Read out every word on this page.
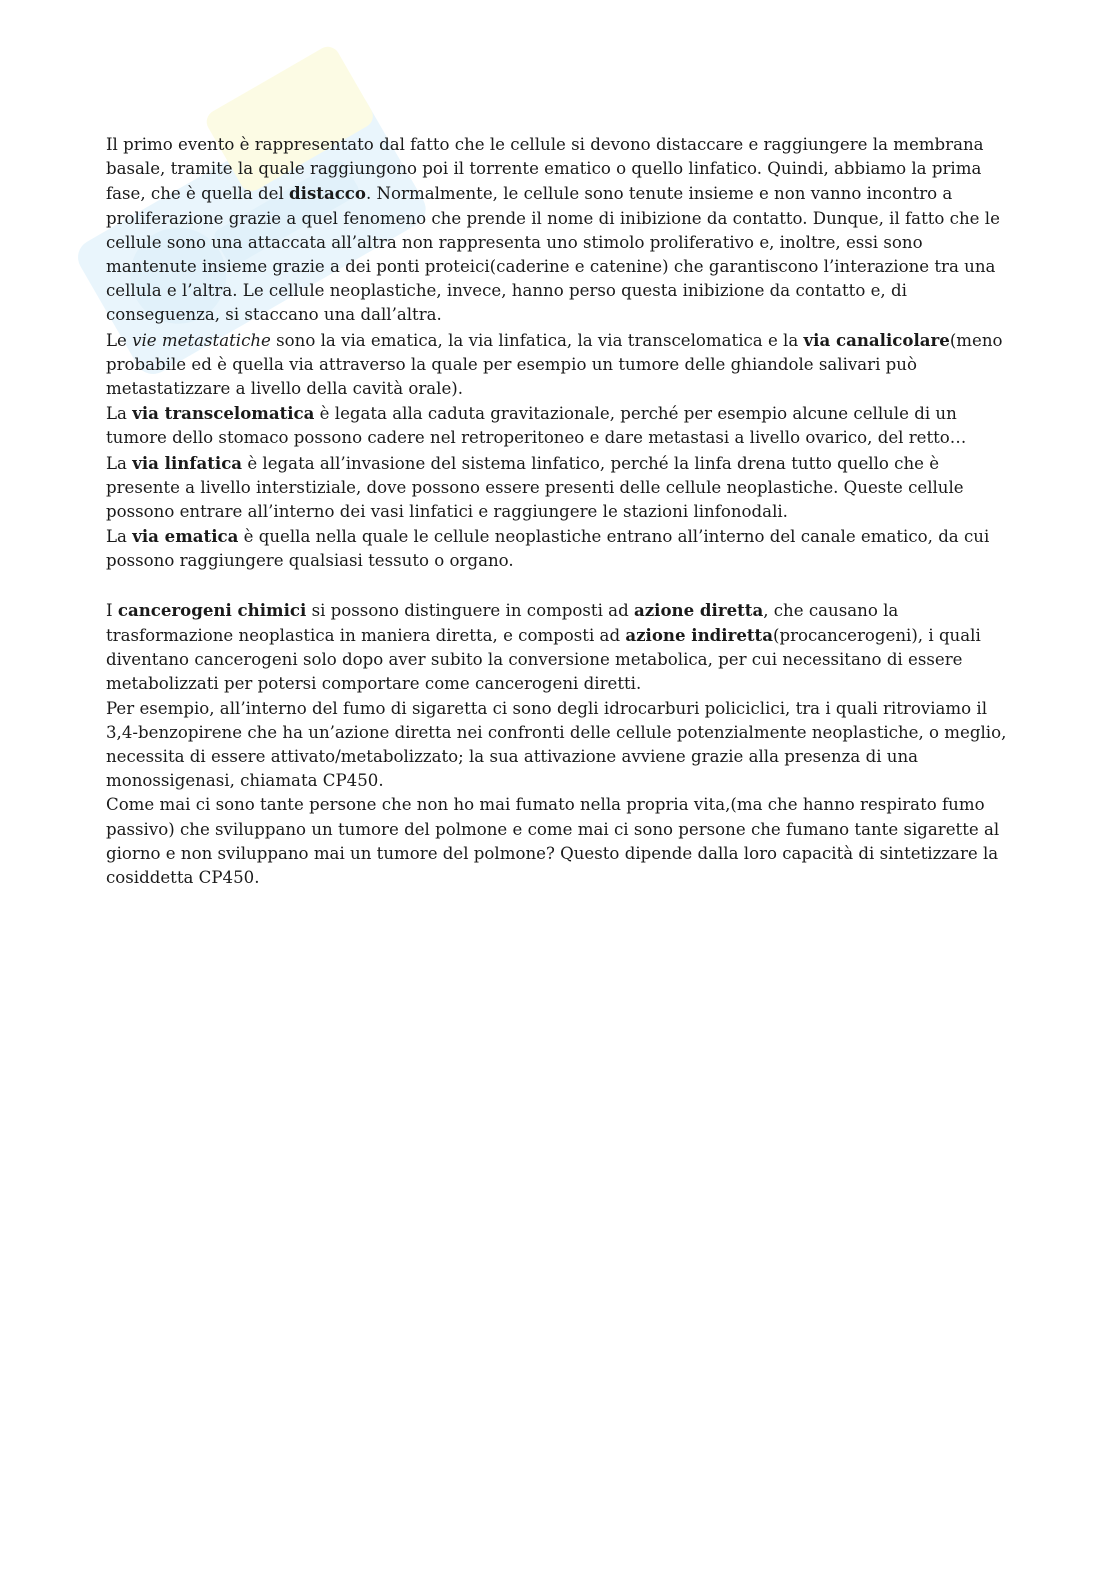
Il primo evento è rappresentato dal fatto che le cellule si devono distaccare e raggiungere la membrana basale, tramite la quale raggiungono poi il torrente ematico o quello linfatico. Quindi, abbiamo la prima fase, che è quella del distacco. Normalmente, le cellule sono tenute insieme e non vanno incontro a proliferazione grazie a quel fenomeno che prende il nome di inibizione da contatto. Dunque, il fatto che le cellule sono una attaccata all’altra non rappresenta uno stimolo proliferativo e, inoltre, essi sono mantenute insieme grazie a dei ponti proteici(caderine e catenine) che garantiscono l’interazione tra una cellula e l’altra. Le cellule neoplastiche, invece, hanno perso questa inibizione da contatto e, di conseguenza, si staccano una dall’altra.

Le vie metastatiche sono la via ematica, la via linfatica, la via transcelomatica e la via canalicolare(meno probabile ed è quella via attraverso la quale per esempio un tumore delle ghiandole salivari può metastatizzare a livello della cavità orale).

La via transcelomatica è legata alla caduta gravitazionale, perché per esempio alcune cellule di un tumore dello stomaco possono cadere nel retroperitoneo e dare metastasi a livello ovarico, del retto…

La via linfatica è legata all’invasione del sistema linfatico, perché la linfa drena tutto quello che è presente a livello interstiziale, dove possono essere presenti delle cellule neoplastiche. Queste cellule possono entrare all’interno dei vasi linfatici e raggiungere le stazioni linfonodali.

La via ematica è quella nella quale le cellule neoplastiche entrano all’interno del canale ematico, da cui possono raggiungere qualsiasi tessuto o organo.

I cancerogeni chimici si possono distinguere in composti ad azione diretta, che causano la trasformazione neoplastica in maniera diretta, e composti ad azione indiretta(procancerogeni), i quali diventano cancerogeni solo dopo aver subito la conversione metabolica, per cui necessitano di essere metabolizzati per potersi comportare come cancerogeni diretti.

Per esempio, all’interno del fumo di sigaretta ci sono degli idrocarburi policiclici, tra i quali ritroviamo il 3,4-benzopirene che ha un’azione diretta nei confronti delle cellule potenzialmente neoplastiche, o meglio, necessita di essere attivato/metabolizzato; la sua attivazione avviene grazie alla presenza di una monossigenasi, chiamata CP450.

Come mai ci sono tante persone che non ho mai fumato nella propria vita,(ma che hanno respirato fumo passivo) che sviluppano un tumore del polmone e come mai ci sono persone che fumano tante sigarette al giorno e non sviluppano mai un tumore del polmone? Questo dipende dalla loro capacità di sintetizzare la cosiddetta CP450.
